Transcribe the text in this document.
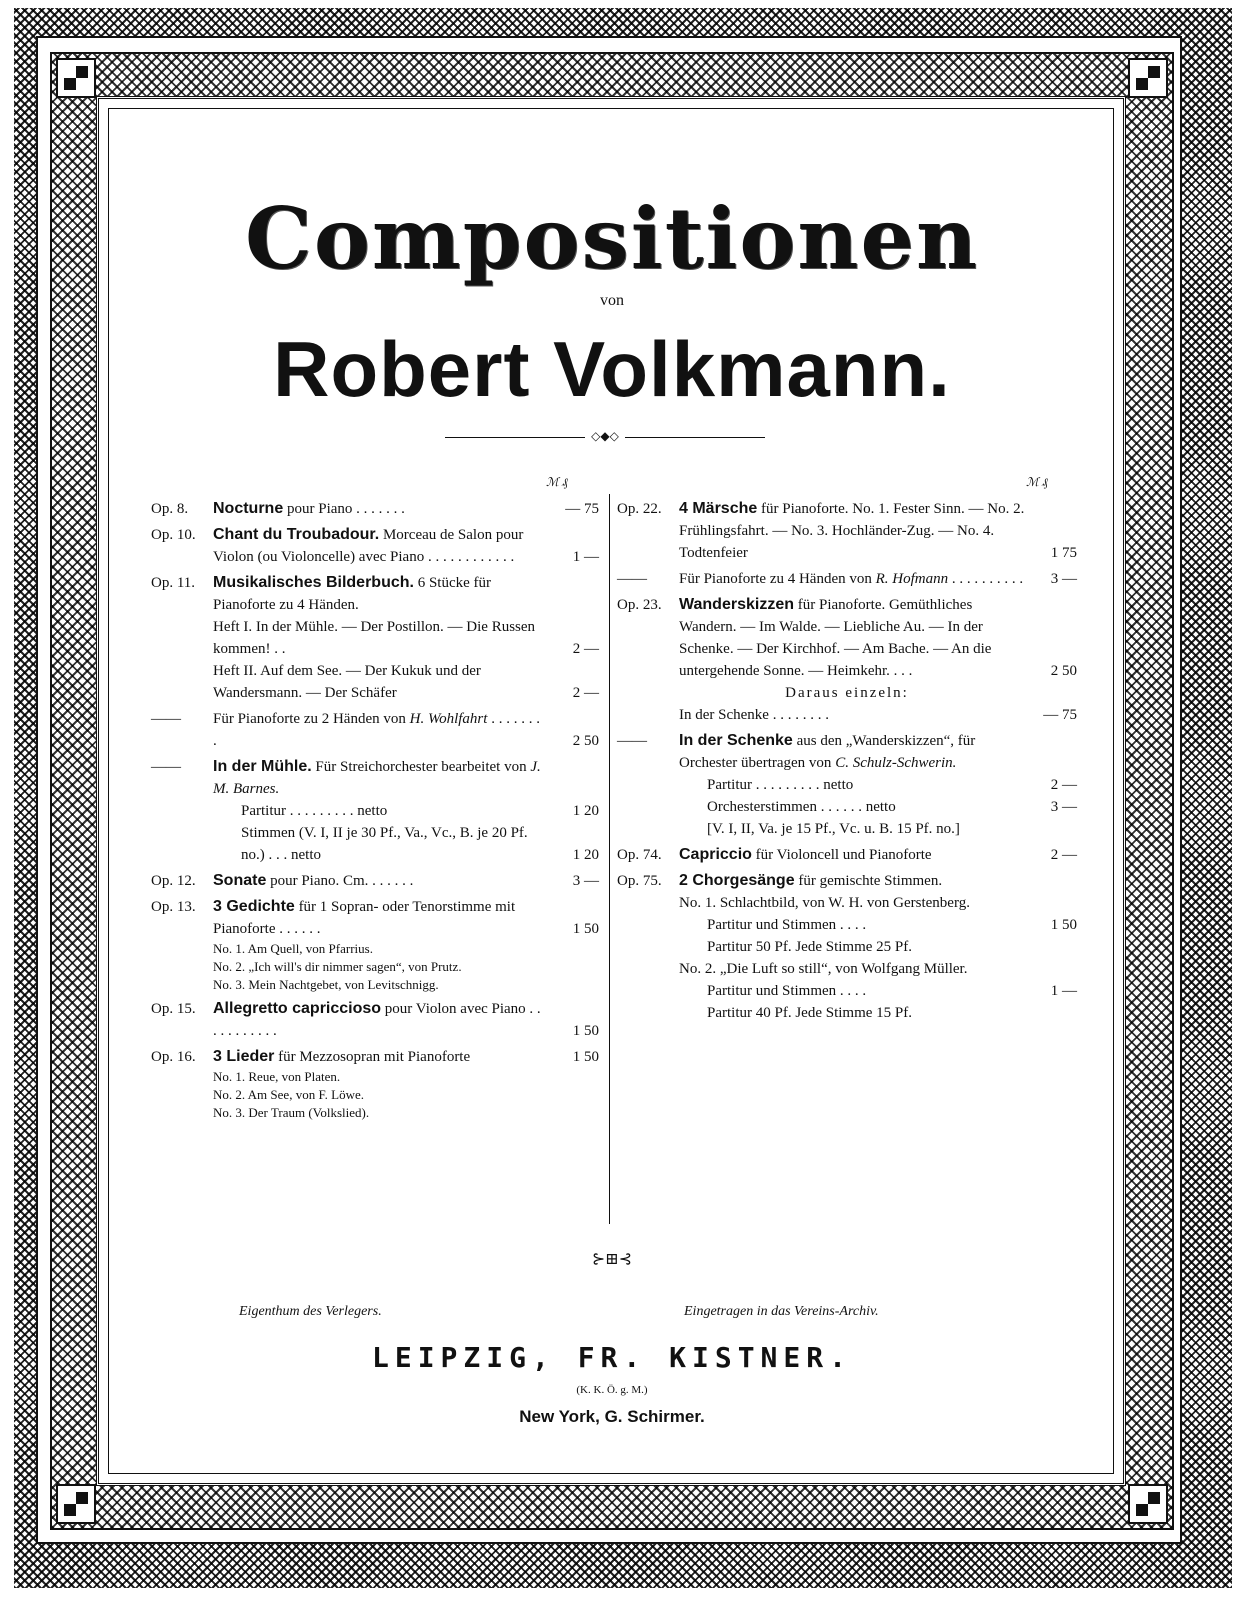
Compositionen
von
Robert Volkmann.
◇◆◇
ℳ ₰	ℳ ₰
Op. 8.	Nocturne pour Piano . . . . . . .	— 75
Op. 10.	Chant du Troubadour. Morceau de Salon pour Violon (ou Violoncelle) avec Piano . . . . . . . . . . . .	1 —
Op. 11.	Musikalisches Bilderbuch. 6 Stücke für Pianoforte zu 4 Händen.
Heft I. In der Mühle. — Der Postillon. — Die Russen kommen! . .	2 —
Heft II. Auf dem See. — Der Kukuk und der Wandersmann. — Der Schäfer	2 —
——	Für Pianoforte zu 2 Händen von H. Wohlfahrt . . . . . . . .	2 50
——	In der Mühle. Für Streichorchester bearbeitet von J. M. Barnes.
Partitur . . . . . . . . . netto	1 20
Stimmen (V. I, II je 30 Pf., Va., Vc., B. je 20 Pf. no.) . . . netto	1 20
Op. 12.	Sonate pour Piano. Cm. . . . . . .	3 —
Op. 13.	3 Gedichte für 1 Sopran- oder Tenorstimme mit Pianoforte . . . . . .	1 50
No. 1. Am Quell, von Pfarrius.
No. 2. „Ich will's dir nimmer sagen“, von Prutz.
No. 3. Mein Nachtgebet, von Levitschnigg.
Op. 15.	Allegretto capriccioso pour Violon avec Piano . . . . . . . . . . .	1 50
Op. 16.	3 Lieder für Mezzosopran mit Pianoforte	1 50
No. 1. Reue, von Platen.
No. 2. Am See, von F. Löwe.
No. 3. Der Traum (Volkslied).
Op. 22.	4 Märsche für Pianoforte. No. 1. Fester Sinn. — No. 2. Frühlingsfahrt. — No. 3. Hochländer-Zug. — No. 4. Todtenfeier	1 75
——	Für Pianoforte zu 4 Händen von R. Hofmann . . . . . . . . . .	3 —
Op. 23.	Wanderskizzen für Pianoforte. Gemüthliches Wandern. — Im Walde. — Liebliche Au. — In der Schenke. — Der Kirchhof. — Am Bache. — An die untergehende Sonne. — Heimkehr. . . .	2 50
Daraus einzeln:
In der Schenke . . . . . . . .	— 75
——	In der Schenke aus den „Wanderskizzen“, für Orchester übertragen von C. Schulz-Schwerin.
Partitur . . . . . . . . . netto	2 —
Orchesterstimmen . . . . . . netto	3 —
[V. I, II, Va. je 15 Pf., Vc. u. B. 15 Pf. no.]
Op. 74.	Capriccio für Violoncell und Pianoforte	2 —
Op. 75.	2 Chorgesänge für gemischte Stimmen.
No. 1. Schlachtbild, von W. H. von Gerstenberg.
Partitur und Stimmen . . . .	1 50
Partitur 50 Pf. Jede Stimme 25 Pf.
No. 2. „Die Luft so still“, von Wolfgang Müller.
Partitur und Stimmen . . . .	1 —
Partitur 40 Pf. Jede Stimme 15 Pf.
⊱⊞⊰
Eigenthum des Verlegers.	Eingetragen in das Vereins-Archiv.
LEIPZIG, FR. KISTNER.
(K. K. Ö. g. M.)
New York, G. Schirmer.
